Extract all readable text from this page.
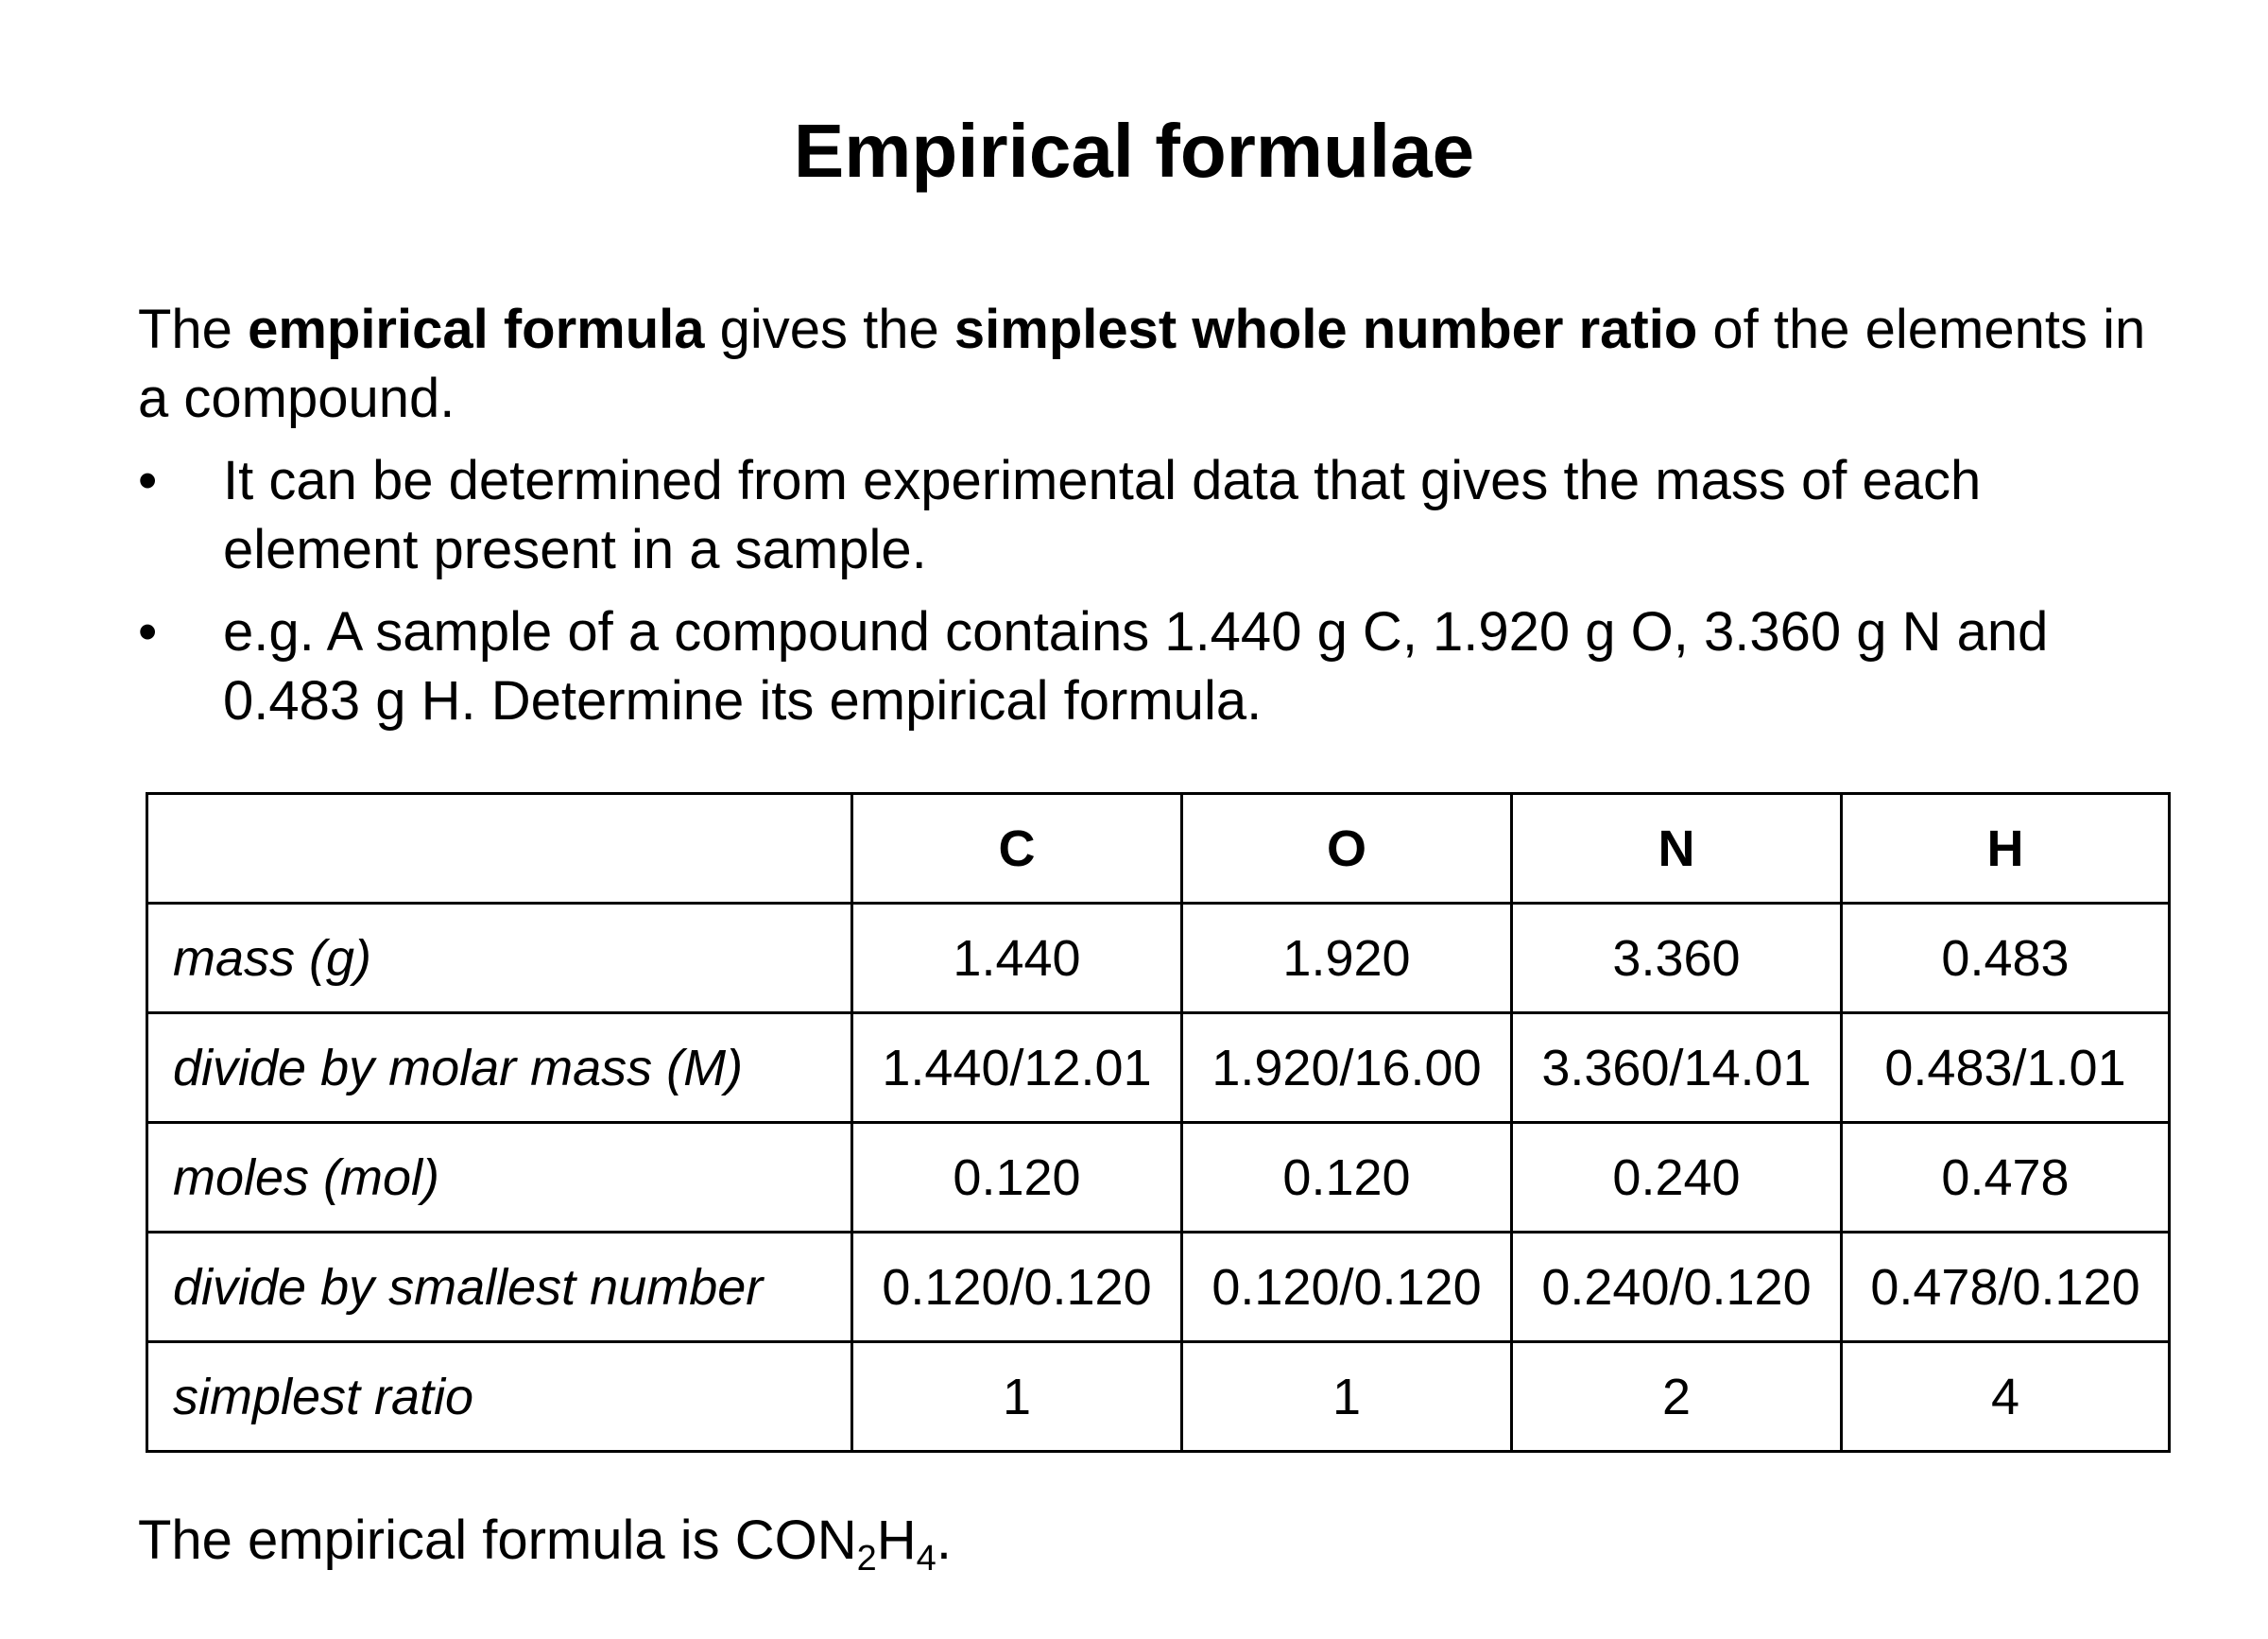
Empirical formulae

The empirical formula gives the simplest whole number ratio of the elements in a compound.

• It can be determined from experimental data that gives the mass of each element present in a sample.
• e.g. A sample of a compound contains 1.440 g C, 1.920 g O, 3.360 g N and 0.483 g H. Determine its empirical formula.
	C	O	N	H
mass (g)	1.440	1.920	3.360	0.483
divide by molar mass (M)	1.440/12.01	1.920/16.00	3.360/14.01	0.483/1.01
moles (mol)	0.120	0.120	0.240	0.478
divide by smallest number	0.120/0.120	0.120/0.120	0.240/0.120	0.478/0.120
simplest ratio	1	1	2	4

The empirical formula is $CON_2H_4$.
